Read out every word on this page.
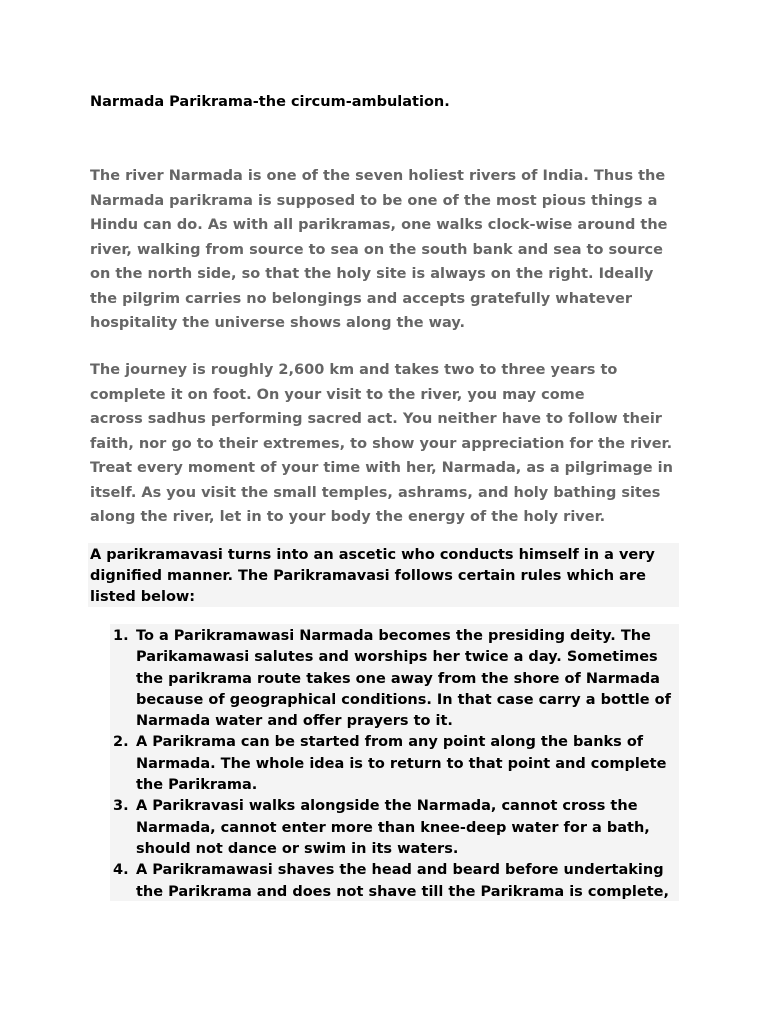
Narmada Parikrama-the circum-ambulation.

The river Narmada is one of the seven holiest rivers of India. Thus the
Narmada parikrama is supposed to be one of the most pious things a
Hindu can do. As with all parikramas, one walks clock-wise around the
river, walking from source to sea on the south bank and sea to source
on the north side, so that the holy site is always on the right. Ideally
the pilgrim carries no belongings and accepts gratefully whatever
hospitality the universe shows along the way.

The journey is roughly 2,600 km and takes two to three years to
complete it on foot. On your visit to the river, you may come
across sadhus performing sacred act. You neither have to follow their
faith, nor go to their extremes, to show your appreciation for the river.
Treat every moment of your time with her, Narmada, as a pilgrimage in
itself. As you visit the small temples, ashrams, and holy bathing sites
along the river, let in to your body the energy of the holy river.

A parikramavasi turns into an ascetic who conducts himself in a very
dignified manner. The Parikramavasi follows certain rules which are
listed below:

1. To a Parikramawasi Narmada becomes the presiding deity. The
Parikamawasi salutes and worships her twice a day. Sometimes
the parikrama route takes one away from the shore of Narmada
because of geographical conditions. In that case carry a bottle of
Narmada water and offer prayers to it.
2. A Parikrama can be started from any point along the banks of
Narmada. The whole idea is to return to that point and complete
the Parikrama.
3. A Parikravasi walks alongside the Narmada, cannot cross the
Narmada, cannot enter more than knee-deep water for a bath,
should not dance or swim in its waters.
4. A Parikramawasi shaves the head and beard before undertaking
the Parikrama and does not shave till the Parikrama is complete,
